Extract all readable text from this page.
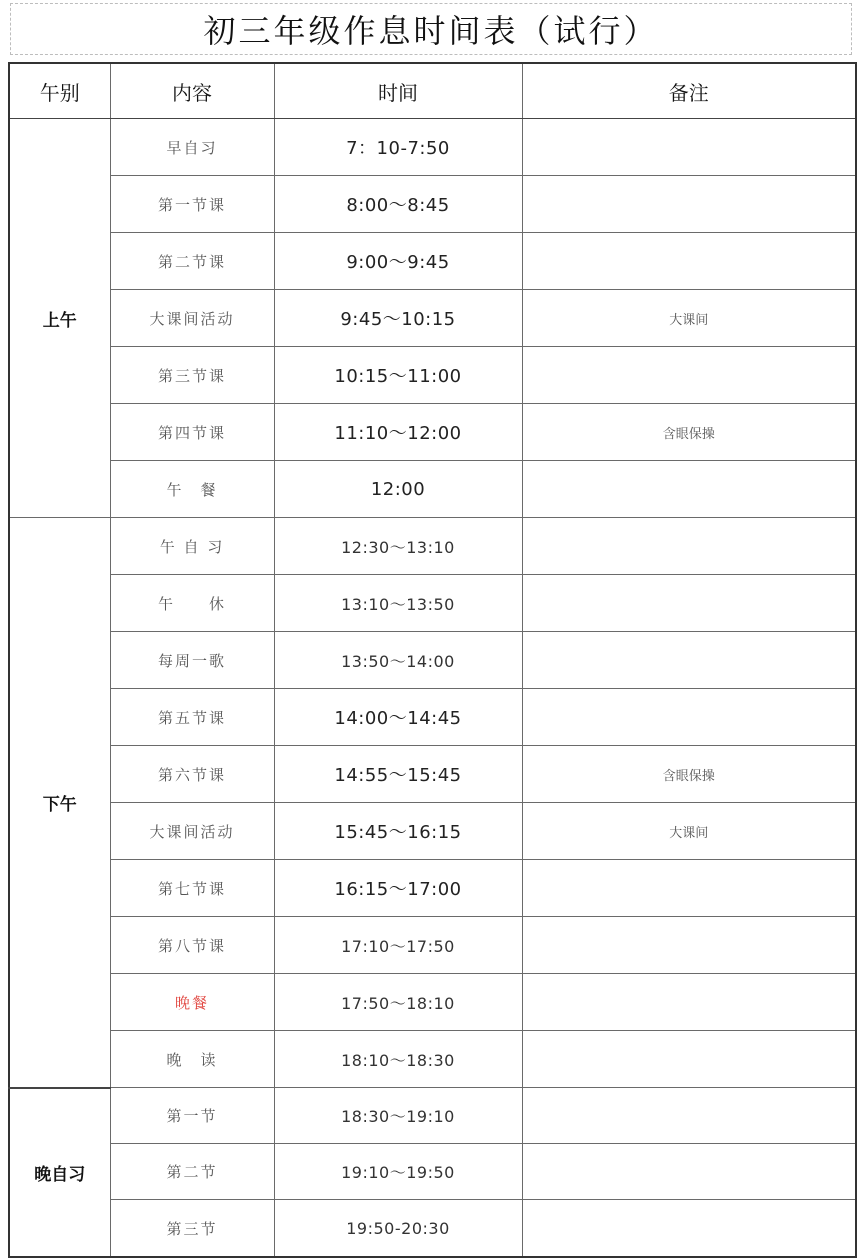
初三年级作息时间表（试行）
午别	内容	时间	备注
上午	早自习	7：10-7:50	
	第一节课	8:00～8:45	
	第二节课	9:00～9:45	
	大课间活动	9:45～10:15	大课间
	第三节课	10:15～11:00	
	第四节课	11:10～12:00	含眼保操
	午　餐	12:00	
下午	午 自 习	12:30～13:10	
	午　　休	13:10～13:50	
	每周一歌	13:50～14:00	
	第五节课	14:00～14:45	
	第六节课	14:55～15:45	含眼保操
	大课间活动	15:45～16:15	大课间
	第七节课	16:15～17:00	
	第八节课	17:10～17:50	
	晚餐	17:50～18:10	
	晚　读	18:10～18:30	
晚自习	第一节	18:30～19:10	
	第二节	19:10～19:50	
	第三节	19:50-20:30	
